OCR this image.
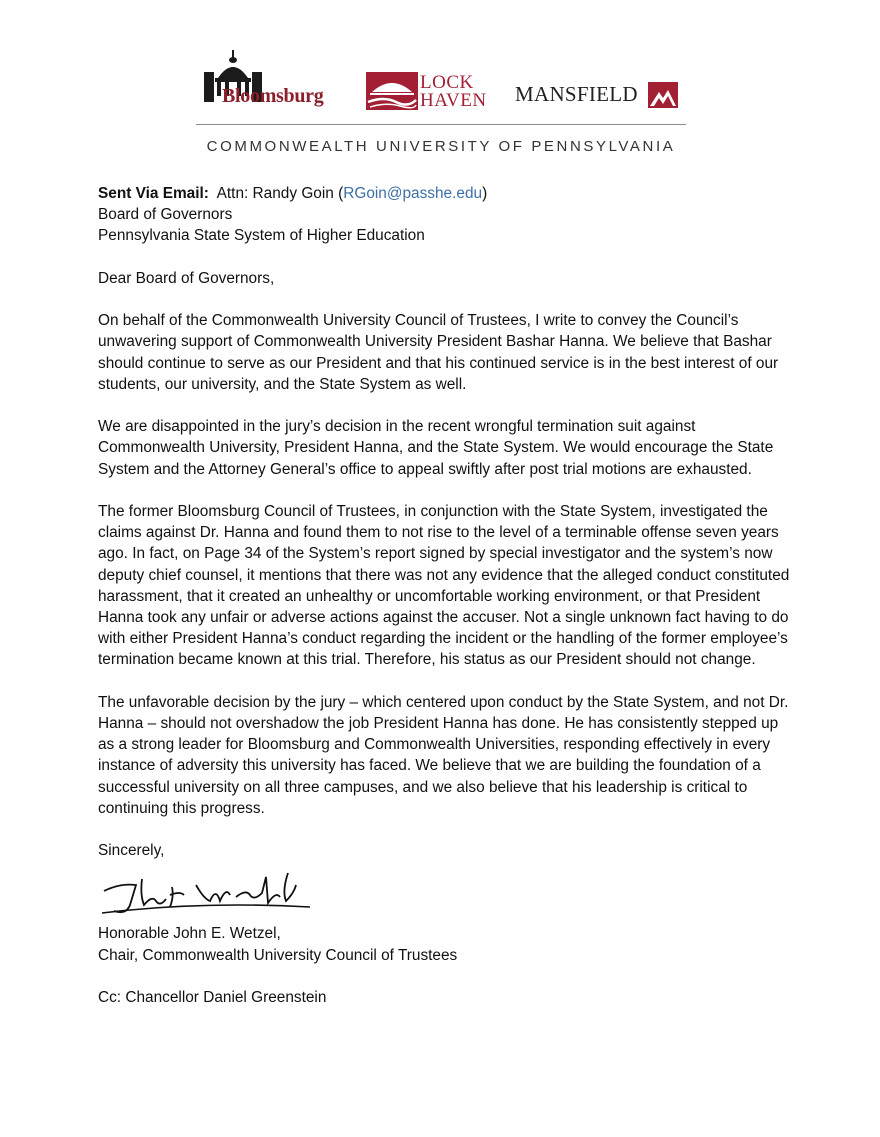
Bloomsburg
LOCK
HAVEN MANSFIELD
COMMONWEALTH UNIVERSITY OF PENNSYLVANIA

Sent Via Email: Attn: Randy Goin (RGoin@passhe.edu)

Board of Governors

Pennsylvania State System of Higher Education

Dear Board of Governors,

On behalf of the Commonwealth University Council of Trustees, I write to convey the Council’s unwavering support of Commonwealth University President Bashar Hanna. We believe that Bashar should continue to serve as our President and that his continued service is in the best interest of our students, our university, and the State System as well.

We are disappointed in the jury’s decision in the recent wrongful termination suit against Commonwealth University, President Hanna, and the State System. We would encourage the State System and the Attorney General’s office to appeal swiftly after post trial motions are exhausted.

The former Bloomsburg Council of Trustees, in conjunction with the State System, investigated the claims against Dr. Hanna and found them to not rise to the level of a terminable offense seven years ago. In fact, on Page 34 of the System’s report signed by special investigator and the system’s now deputy chief counsel, it mentions that there was not any evidence that the alleged conduct constituted harassment, that it created an unhealthy or uncomfortable working environment, or that President Hanna took any unfair or adverse actions against the accuser. Not a single unknown fact having to do with either President Hanna’s conduct regarding the incident or the handling of the former employee’s termination became known at this trial. Therefore, his status as our President should not change.

The unfavorable decision by the jury – which centered upon conduct by the State System, and not Dr. Hanna – should not overshadow the job President Hanna has done. He has consistently stepped up as a strong leader for Bloomsburg and Commonwealth Universities, responding effectively in every instance of adversity this university has faced. We believe that we are building the foundation of a successful university on all three campuses, and we also believe that his leadership is critical to continuing this progress.

Sincerely,

Honorable John E. Wetzel,

Chair, Commonwealth University Council of Trustees

Cc: Chancellor Daniel Greenstein
